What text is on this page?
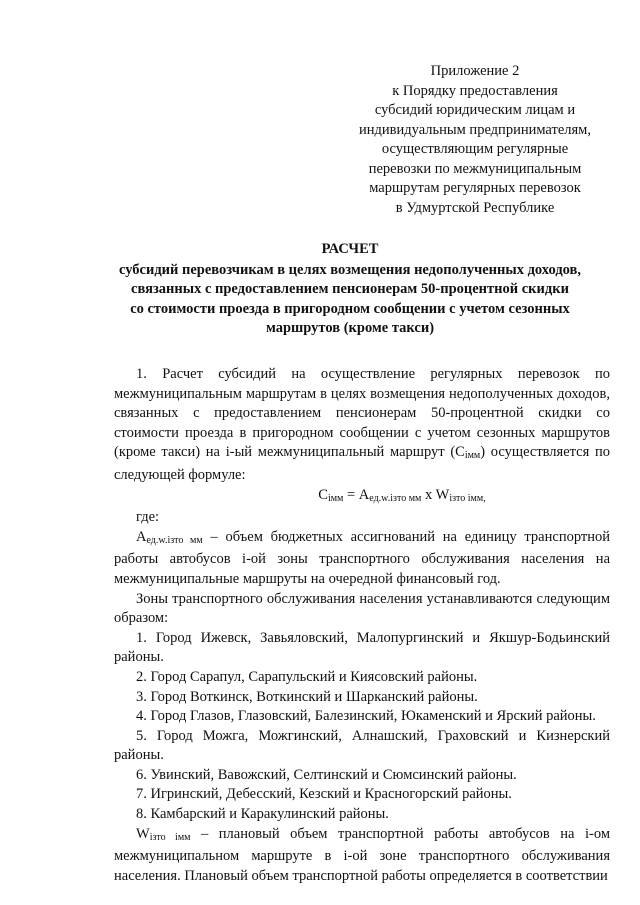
Приложение 2
к Порядку предоставления
субсидий юридическим лицам и
индивидуальным предпринимателям,
осуществляющим регулярные
перевозки по межмуниципальным
маршрутам регулярных перевозок
в Удмуртской Республике
РАСЧЕТ
субсидий перевозчикам в целях возмещения недополученных доходов,
связанных с предоставлением пенсионерам 50-процентной скидки
со стоимости проезда в пригородном сообщении с учетом сезонных
маршрутов (кроме такси)

1. Расчет субсидий на осуществление регулярных перевозок по межмуниципальным маршрутам в целях возмещения недополученных доходов, связанных с предоставлением пенсионерам 50-процентной скидки со стоимости проезда в пригородном сообщении с учетом сезонных маршрутов (кроме такси) на i-ый межмуниципальный маршрут $(С_{імм})$ осуществляется по следующей формуле:

$С_{імм} = А_{ед.w.iзто мм}$ x $W_{iзто iмм,}$

где:

$А_{ед.w.iзто мм}$ – объем бюджетных ассигнований на единицу транспортной работы автобусов i-ой зоны транспортного обслуживания населения на межмуниципальные маршруты на очередной финансовый год.

Зоны транспортного обслуживания населения устанавливаются следующим образом:

1. Город Ижевск, Завьяловский, Малопургинский и Якшур-Бодьинский районы.

2. Город Сарапул, Сарапульский и Киясовский районы.

3. Город Воткинск, Воткинский и Шарканский районы.

4. Город Глазов, Глазовский, Балезинский, Юкаменский и Ярский районы.

5. Город Можга, Можгинский, Алнашский, Граховский и Кизнерский районы.

6. Увинский, Вавожский, Селтинский и Сюмсинский районы.

7. Игринский, Дебесский, Кезский и Красногорский районы.

8. Камбарский и Каракулинский районы.

$W_{iзто iмм}$ – плановый объем транспортной работы автобусов на i-ом межмуниципальном маршруте в i-ой зоне транспортного обслуживания населения. Плановый объем транспортной работы определяется в соответствии
